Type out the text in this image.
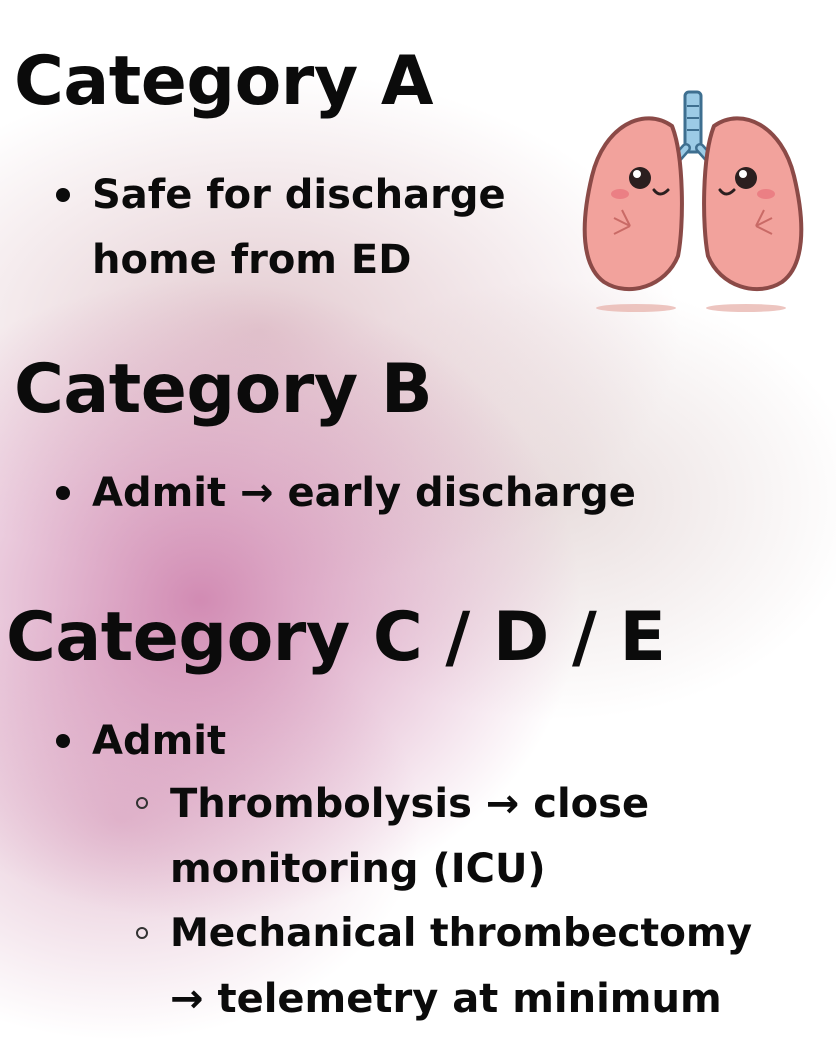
Category A

Safe for discharge

home from ED

Category B

Admit → early discharge

Category C / D / E

Admit

Thrombolysis → close

monitoring (ICU)

Mechanical thrombectomy

→ telemetry at minimum
